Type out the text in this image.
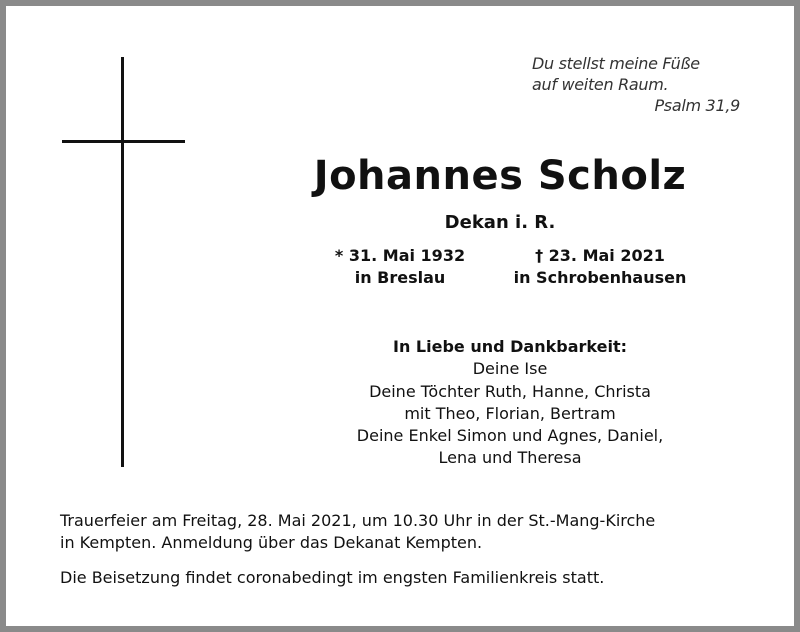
Du stellst meine Füße
auf weiten Raum.

Psalm 31,9
Johannes Scholz
Dekan i. R.
* 31. Mai 1932
in Breslau
† 23. Mai 2021
in Schrobenhausen
In Liebe und Dankbarkeit:
Deine Ise
Deine Töchter Ruth, Hanne, Christa
mit Theo, Florian, Bertram
Deine Enkel Simon und Agnes, Daniel,
Lena und Theresa
Trauerfeier am Freitag, 28. Mai 2021, um 10.30 Uhr in der St.-Mang-Kirche
in Kempten. Anmeldung über das Dekanat Kempten.
Die Beisetzung findet coronabedingt im engsten Familienkreis statt.
